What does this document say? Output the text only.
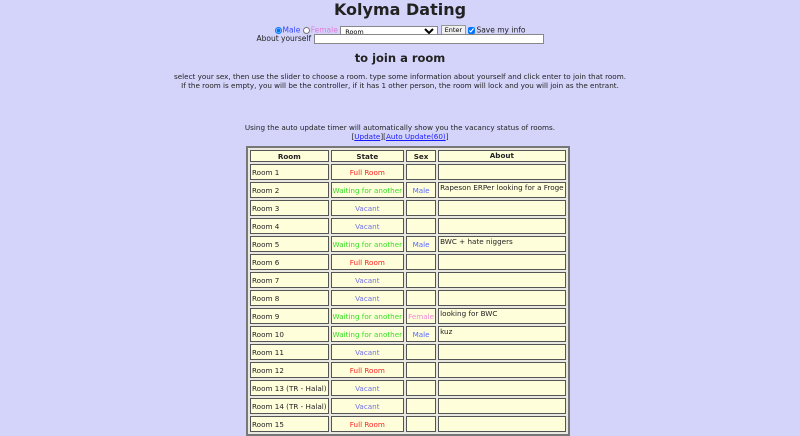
Kolyma Dating
Male Female
Room	Enter Save my info
About yourself
to join a room
select your sex, then use the slider to choose a room. type some information about yourself and click enter to join that room.
If the room is empty, you will be the controller, if it has 1 other person, the room will lock and you will join as the entrant.
Using the auto update timer will automatically show you the vacancy status of rooms.
[Update][Auto Update(60)]
Room	State	Sex	About
Room 1	Full Room		
Room 2	Waiting for another	Male	Rapeson ERPer looking for a Froge
Room 3	Vacant		
Room 4	Vacant		
Room 5	Waiting for another	Male	BWC + hate niggers
Room 6	Full Room		
Room 7	Vacant		
Room 8	Vacant		
Room 9	Waiting for another	Female	looking for BWC
Room 10	Waiting for another	Male	kuz
Room 11	Vacant		
Room 12	Full Room		
Room 13 (TR - Halal)	Vacant		
Room 14 (TR - Halal)	Vacant		
Room 15	Full Room		
